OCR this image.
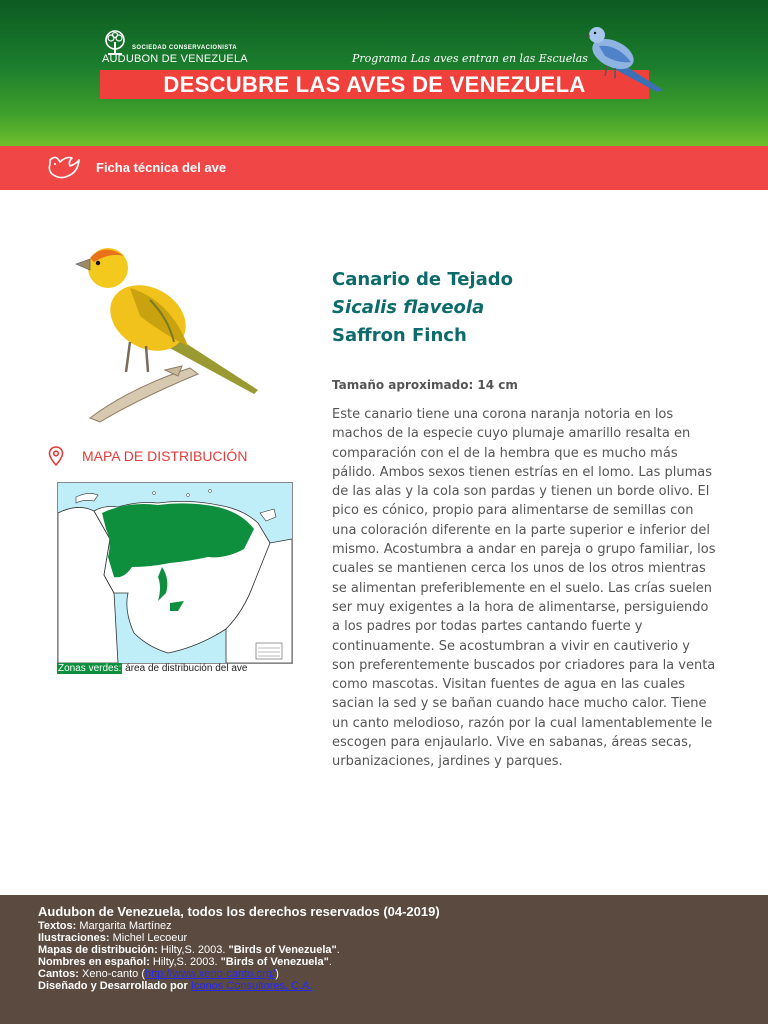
SOCIEDAD CONSERVACIONISTA
AUDUBON DE VENEZUELA	Programa Las aves entran en las Escuelas
DESCUBRE LAS AVES DE VENEZUELA
Ficha técnica del ave
MAPA DE DISTRIBUCIÓN
Zonas verdes: área de distribución del ave
Canario de Tejado
Sicalis flaveola
Saffron Finch
Tamaño aproximado: 14 cm
Este canario tiene una corona naranja notoria en los machos de la especie cuyo plumaje amarillo resalta en comparación con el de la hembra que es mucho más pálido. Ambos sexos tienen estrías en el lomo. Las plumas de las alas y la cola son pardas y tienen un borde olivo. El pico es cónico, propio para alimentarse de semillas con una coloración diferente en la parte superior e inferior del mismo. Acostumbra a andar en pareja o grupo familiar, los cuales se mantienen cerca los unos de los otros mientras se alimentan preferiblemente en el suelo. Las crías suelen ser muy exigentes a la hora de alimentarse, persiguiendo a los padres por todas partes cantando fuerte y continuamente. Se acostumbran a vivir en cautiverio y son preferentemente buscados por criadores para la venta como mascotas. Visitan fuentes de agua en las cuales sacian la sed y se bañan cuando hace mucho calor. Tiene un canto melodioso, razón por la cual lamentablemente le escogen para enjaularlo. Vive en sabanas, áreas secas, urbanizaciones, jardines y parques.
Audubon de Venezuela, todos los derechos reservados (04-2019)
Textos: Margarita Martínez
Ilustraciones: Michel Lecoeur
Mapas de distribución: Hilty,S. 2003. "Birds of Venezuela".
Nombres en español: Hilty,S. 2003. "Birds of Venezuela".
Cantos: Xeno-canto (http://www.xeno-canto.org/)
Diseñado y Desarrollado por Iconos Consultores, C.A.
